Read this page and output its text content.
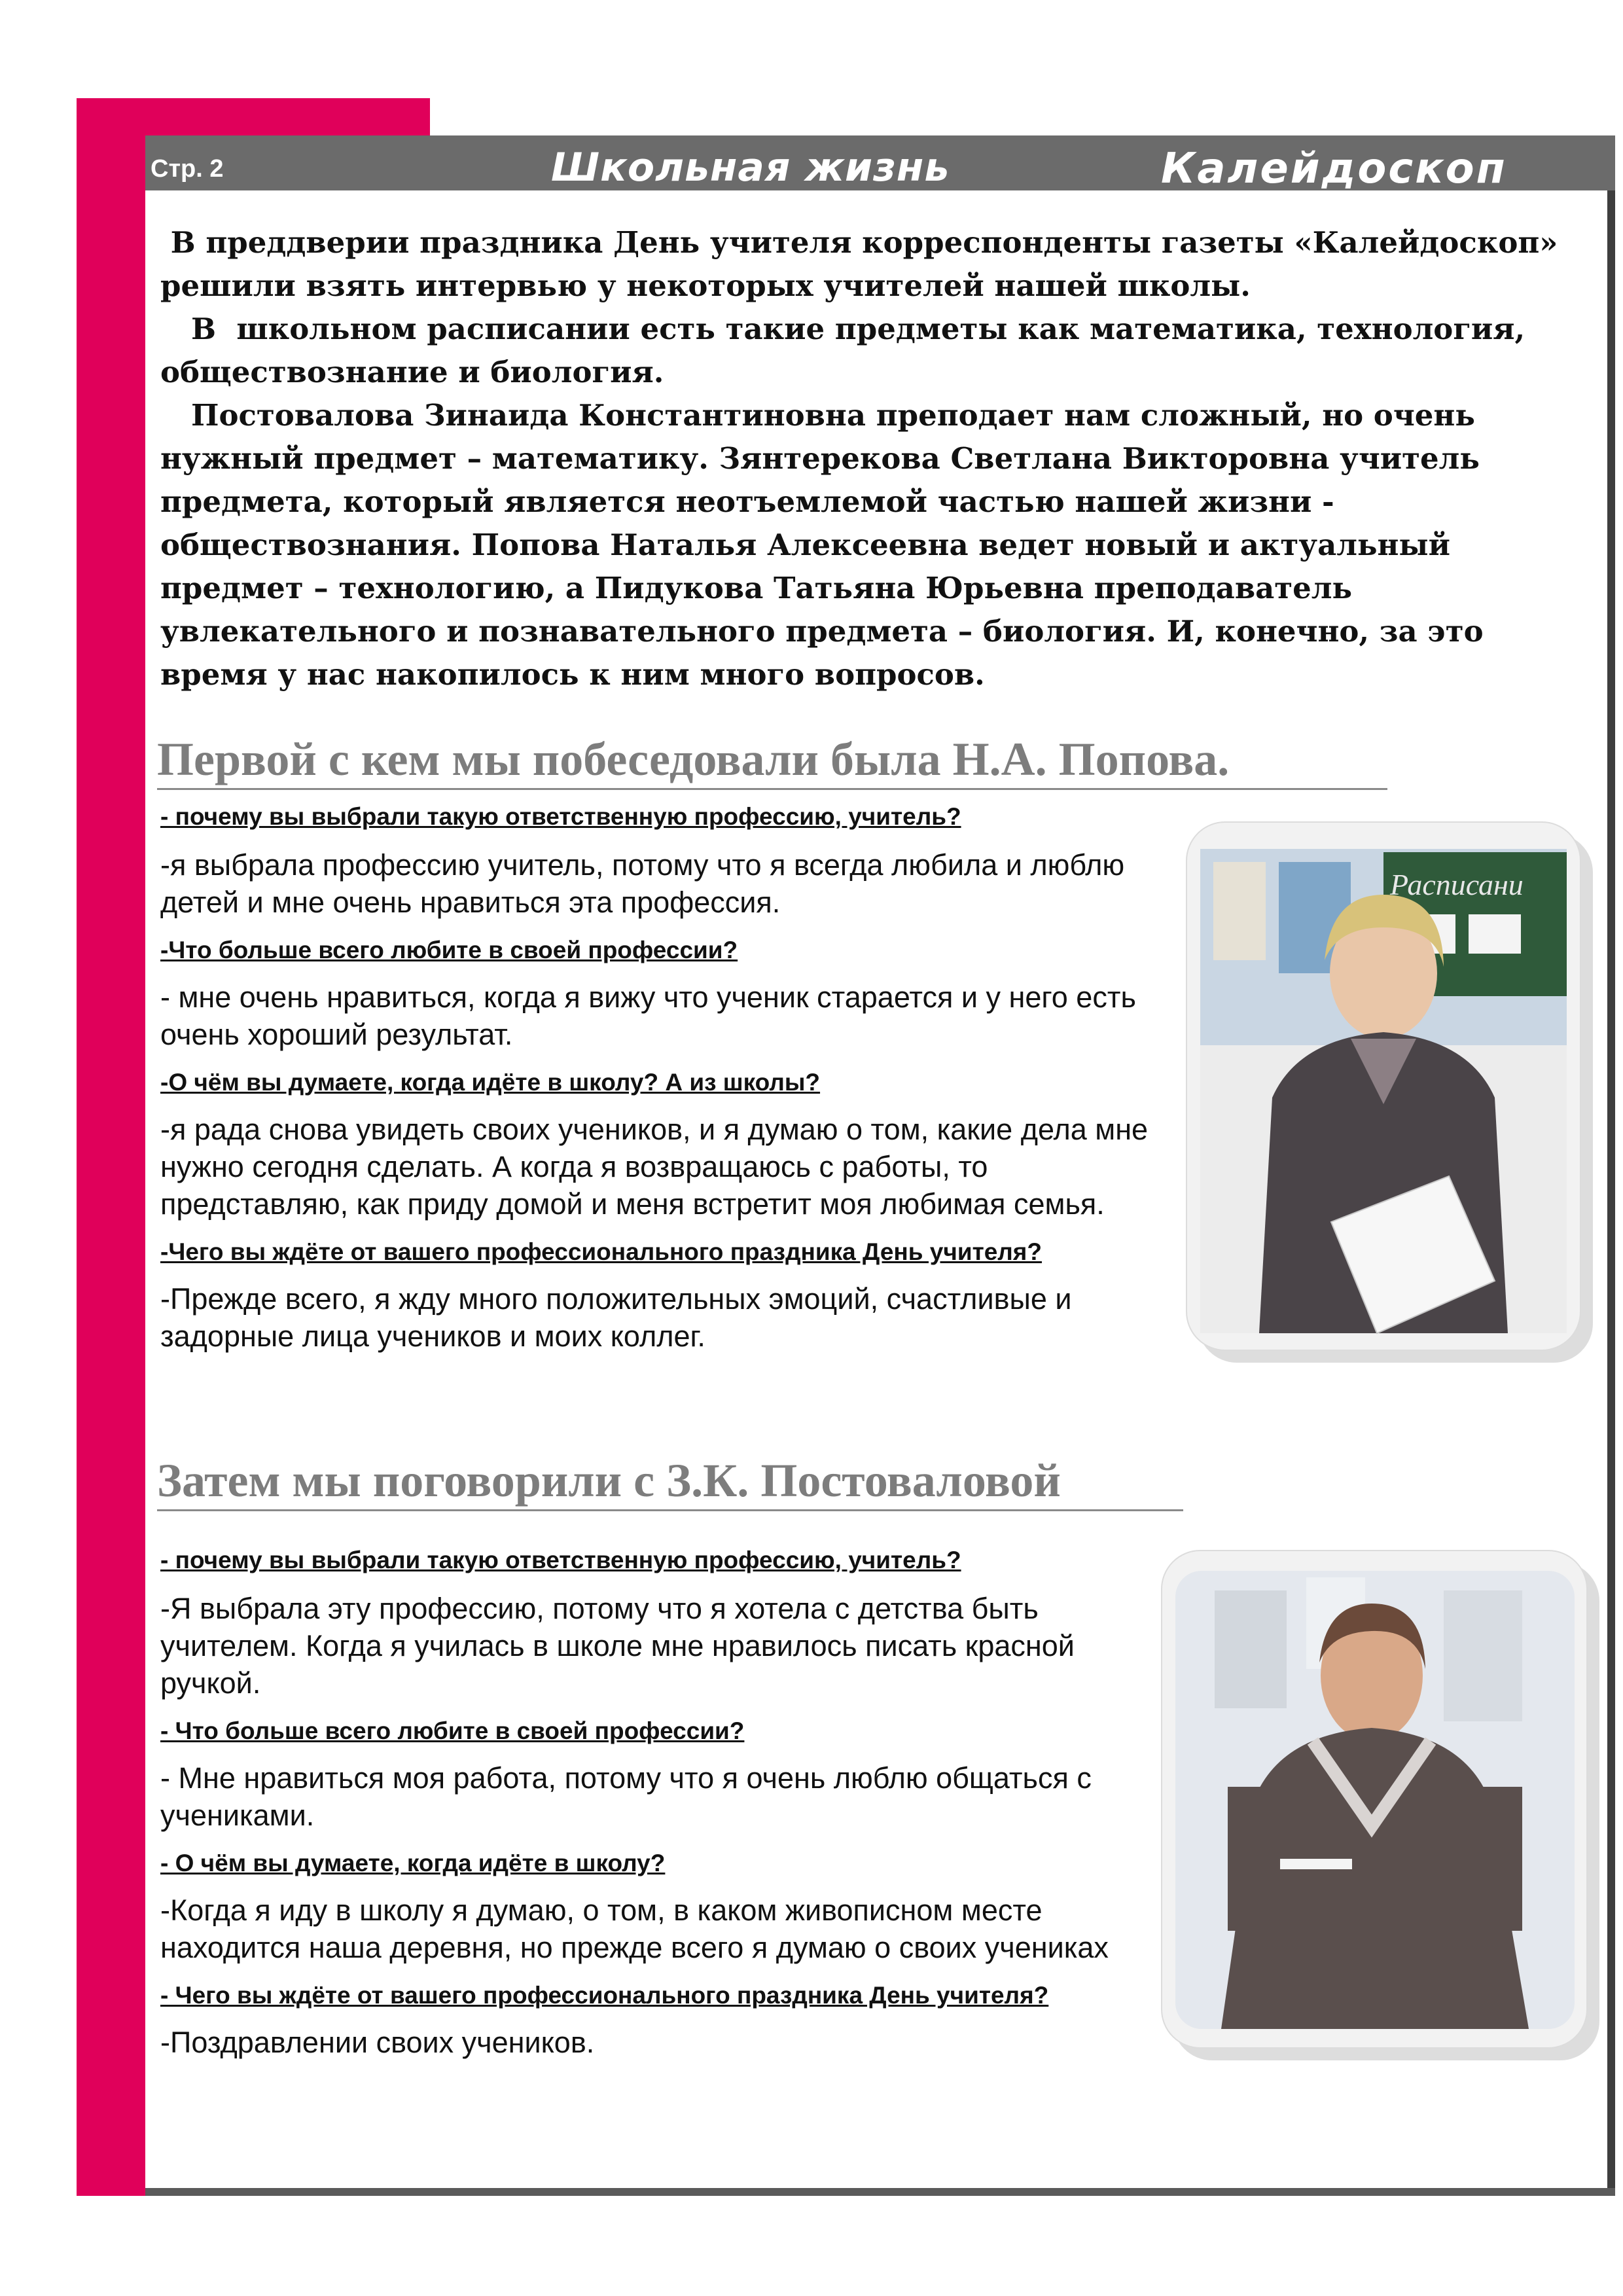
Стр. 2	Школьная жизнь	Калейдоскоп

В преддверии праздника День учителя корреспонденты газеты «Калейдоскоп» решили взять интервью у некоторых учителей нашей школы.

В  школьном расписании есть такие предметы как математика, технология, обществознание и биология.

Постовалова Зинаида Константиновна преподает нам сложный, но очень нужный предмет – математику. Зянтерекова Светлана Викторовна учитель предмета, который является неотъемлемой частью нашей жизни - обществознания. Попова Наталья Алексеевна ведет новый и актуальный предмет – технологию, а Пидукова Татьяна Юрьевна преподаватель увлекательного и познавательного предмета – биология. И, конечно, за это время у нас накопилось к ним много вопросов.

Первой с кем мы побеседовали была Н.А. Попова.

- почему вы выбрали такую ответственную профессию, учитель?

-я выбрала профессию учитель, потому что я всегда любила и люблю    детей и мне очень нравиться эта профессия.

-Что больше всего любите в своей профессии?

- мне очень нравиться, когда я вижу что ученик старается и у него есть очень хороший результат.

-О чём вы думаете, когда идёте в школу? А из школы?

-я рада снова увидеть своих учеников, и я думаю о том, какие дела мне    нужно сегодня сделать. А когда я возвращаюсь с работы, то представляю, как приду домой и меня встретит моя любимая семья.

-Чего вы ждёте от вашего профессионального праздника День учителя?

-Прежде всего, я жду много положительных эмоций, счастливые и задорные лица учеников и моих коллег.

Расписани
Затем мы поговорили с З.К. Постоваловой

- почему вы выбрали такую ответственную профессию, учитель?

-Я выбрала эту профессию, потому что я хотела с детства быть учителем. Когда я училась в школе мне нравилось писать красной ручкой.

- Что больше всего любите в своей профессии?

- Мне нравиться моя работа, потому что я очень люблю общаться с учениками.

- О чём вы думаете, когда идёте в школу?

-Когда я иду в школу я думаю, о том, в каком живописном месте находится наша деревня, но прежде всего я думаю о своих учениках

- Чего вы ждёте от вашего профессионального праздника День учителя?

-Поздравлении своих учеников.
